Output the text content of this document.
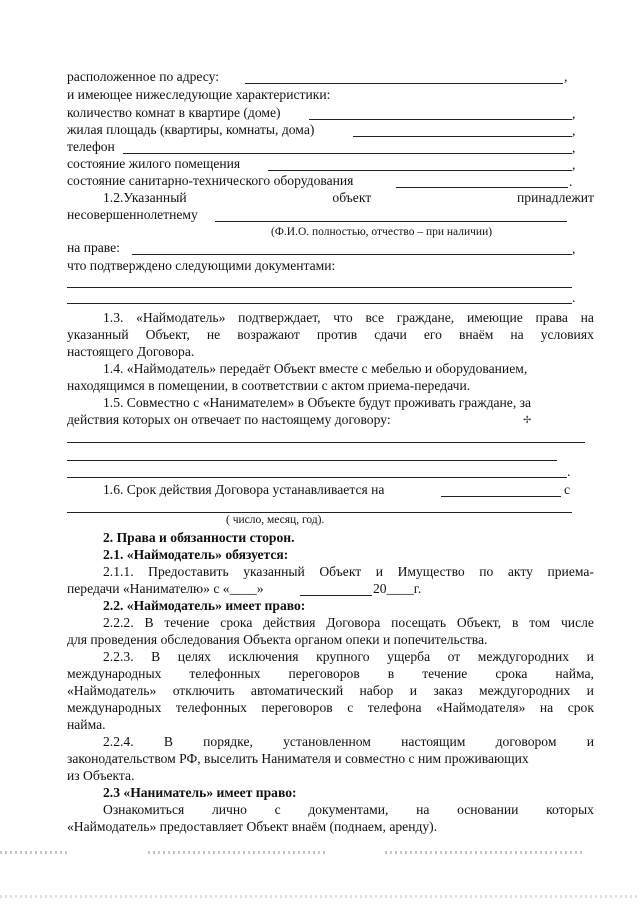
расположенное по адресу:	,
и имеющее нижеследующие характеристики:
количество комнат в квартире (доме)	,
жилая площадь (квартиры, комнаты, дома)	,
телефон	,
состояние жилого помещения	,
состояние санитарно-технического оборудования	.
1.2.Указанный	объект	принадлежит
несовершеннолетнему
(Ф.И.О. полностью, отчество – при наличии)
на праве:	,
что подтверждено следующими документами:
.
1.3. «Наймодатель» подтверждает, что все граждане, имеющие права на
указанный Объект, не возражают против сдачи его внаём на условиях
настоящего Договора.
1.4. «Наймодатель» передаёт Объект вместе с мебелью и оборудованием,
находящимся в помещении, в соответствии с актом приема-передачи.
1.5. Совместно с «Нанимателем» в Объекте будут проживать граждане, за
действия которых он отвечает по настоящему договору:
.
1.6. Срок действия Договора устанавливается на	с
( число, месяц, год).
2. Права и обязанности сторон.
2.1. «Наймодатель» обязуется:
2.1.1. Предоставить указанный Объект и Имущество по акту приема-
передачи «Нанимателю» с «____»	20____г.
2.2. «Наймодатель» имеет право:
2.2.2. В течение срока действия Договора посещать Объект, в том числе
для проведения обследования Объекта органом опеки и попечительства.
2.2.3. В целях исключения крупного ущерба от междугородних и
международных телефонных переговоров в течение срока найма,
«Наймодатель» отключить автоматический набор и заказ междугородних и
международных телефонных переговоров с телефона «Наймодателя» на срок
найма.
2.2.4. В порядке, установленном настоящим договором и
законодательством РФ, выселить Нанимателя и совместно с ним проживающих
из Объекта.
2.3 «Наниматель» имеет право:
Ознакомиться лично с документами, на основании которых
«Наймодатель» предоставляет Объект внаём (поднаем, аренду).
✢
